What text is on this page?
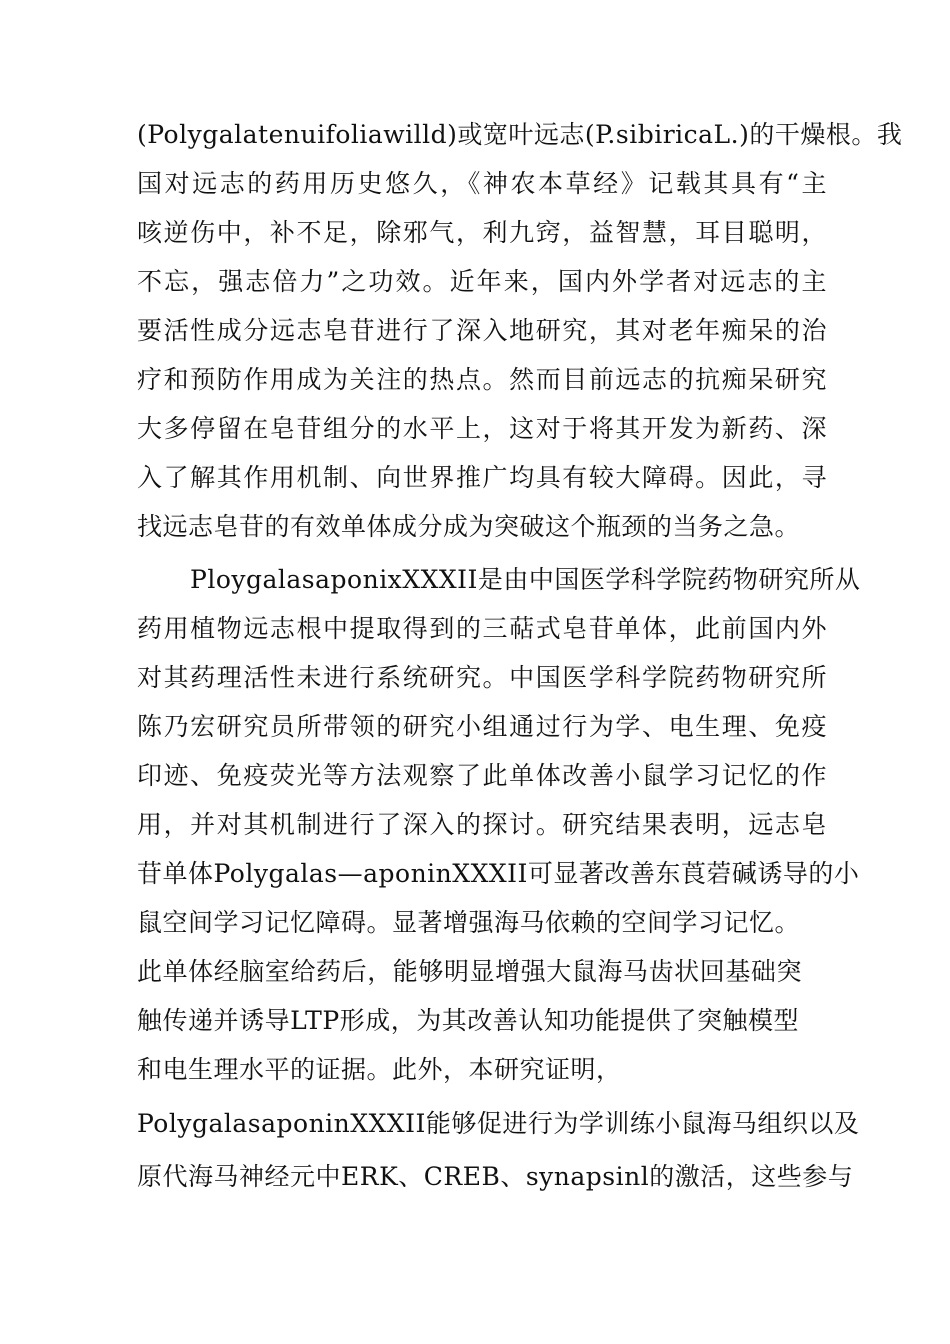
(Polygalatenuifoliawilld)或宽叶远志(P.sibiricaL.)的干燥根。我
国对远志的药用历史悠久，《神农本草经》记载其具有“主
咳逆伤中，补不足，除邪气，利九窍，益智慧，耳目聪明，
不忘，强志倍力”之功效。近年来，国内外学者对远志的主
要活性成分远志皂苷进行了深入地研究，其对老年痴呆的治
疗和预防作用成为关注的热点。然而目前远志的抗痴呆研究
大多停留在皂苷组分的水平上，这对于将其开发为新药、深
入了解其作用机制、向世界推广均具有较大障碍。因此，寻
找远志皂苷的有效单体成分成为突破这个瓶颈的当务之急。
PloygalasaponixXXXII是由中国医学科学院药物研究所从
药用植物远志根中提取得到的三萜式皂苷单体，此前国内外
对其药理活性未进行系统研究。中国医学科学院药物研究所
陈乃宏研究员所带领的研究小组通过行为学、电生理、免疫
印迹、免疫荧光等方法观察了此单体改善小鼠学习记忆的作
用，并对其机制进行了深入的探讨。研究结果表明，远志皂
苷单体Polygalas—aponinXXXII可显著改善东莨菪碱诱导的小
鼠空间学习记忆障碍。显著增强海马依赖的空间学习记忆。
此单体经脑室给药后，能够明显增强大鼠海马齿状回基础突
触传递并诱导LTP形成，为其改善认知功能提供了突触模型
和电生理水平的证据。此外，本研究证明，
PolygalasaponinXXXII能够促进行为学训练小鼠海马组织以及
原代海马神经元中ERK、CREB、synapsinl的激活，这些参与
